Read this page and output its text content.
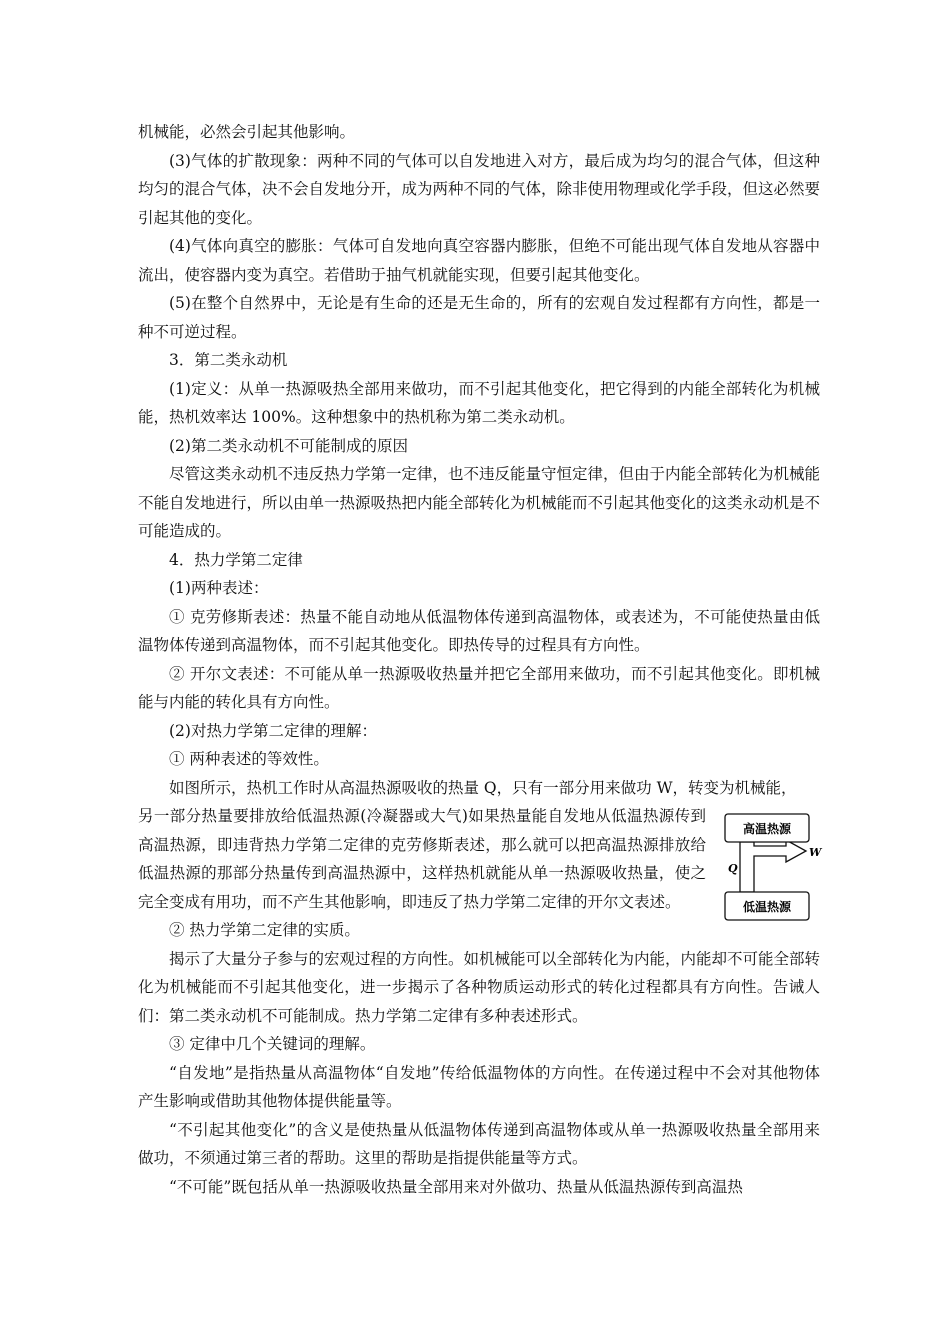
机械能，必然会引起其他影响。

(3)气体的扩散现象：两种不同的气体可以自发地进入对方，最后成为均匀的混合气体，但这种均匀的混合气体，决不会自发地分开，成为两种不同的气体，除非使用物理或化学手段，但这必然要引起其他的变化。

(4)气体向真空的膨胀：气体可自发地向真空容器内膨胀，但绝不可能出现气体自发地从容器中流出，使容器内变为真空。若借助于抽气机就能实现，但要引起其他变化。

(5)在整个自然界中，无论是有生命的还是无生命的，所有的宏观自发过程都有方向性，都是一种不可逆过程。

3．第二类永动机

(1)定义：从单一热源吸热全部用来做功，而不引起其他变化，把它得到的内能全部转化为机械能，热机效率达 100%。这种想象中的热机称为第二类永动机。

(2)第二类永动机不可能制成的原因

尽管这类永动机不违反热力学第一定律，也不违反能量守恒定律，但由于内能全部转化为机械能不能自发地进行，所以由单一热源吸热把内能全部转化为机械能而不引起其他变化的这类永动机是不可能造成的。

4．热力学第二定律

(1)两种表述：

① 克劳修斯表述：热量不能自动地从低温物体传递到高温物体，或表述为，不可能使热量由低温物体传递到高温物体，而不引起其他变化。即热传导的过程具有方向性。

② 开尔文表述：不可能从单一热源吸收热量并把它全部用来做功，而不引起其他变化。即机械能与内能的转化具有方向性。

(2)对热力学第二定律的理解：

① 两种表述的等效性。

如图所示，热机工作时从高温热源吸收的热量 Q，只有一部分用来做功 W，转变为机械能，

高温热源
低温热源
Q
W

另一部分热量要排放给低温热源(冷凝器或大气)如果热量能自发地从低温热源传到高温热源，即违背热力学第二定律的克劳修斯表述，那么就可以把高温热源排放给低温热源的那部分热量传到高温热源中，这样热机就能从单一热源吸收热量，使之完全变成有用功，而不产生其他影响，即违反了热力学第二定律的开尔文表述。

② 热力学第二定律的实质。

揭示了大量分子参与的宏观过程的方向性。如机械能可以全部转化为内能，内能却不可能全部转化为机械能而不引起其他变化，进一步揭示了各种物质运动形式的转化过程都具有方向性。告诫人们：第二类永动机不可能制成。热力学第二定律有多种表述形式。

③ 定律中几个关键词的理解。

“自发地”是指热量从高温物体“自发地”传给低温物体的方向性。在传递过程中不会对其他物体产生影响或借助其他物体提供能量等。

“不引起其他变化”的含义是使热量从低温物体传递到高温物体或从单一热源吸收热量全部用来做功，不须通过第三者的帮助。这里的帮助是指提供能量等方式。

“不可能”既包括从单一热源吸收热量全部用来对外做功、热量从低温热源传到高温热
